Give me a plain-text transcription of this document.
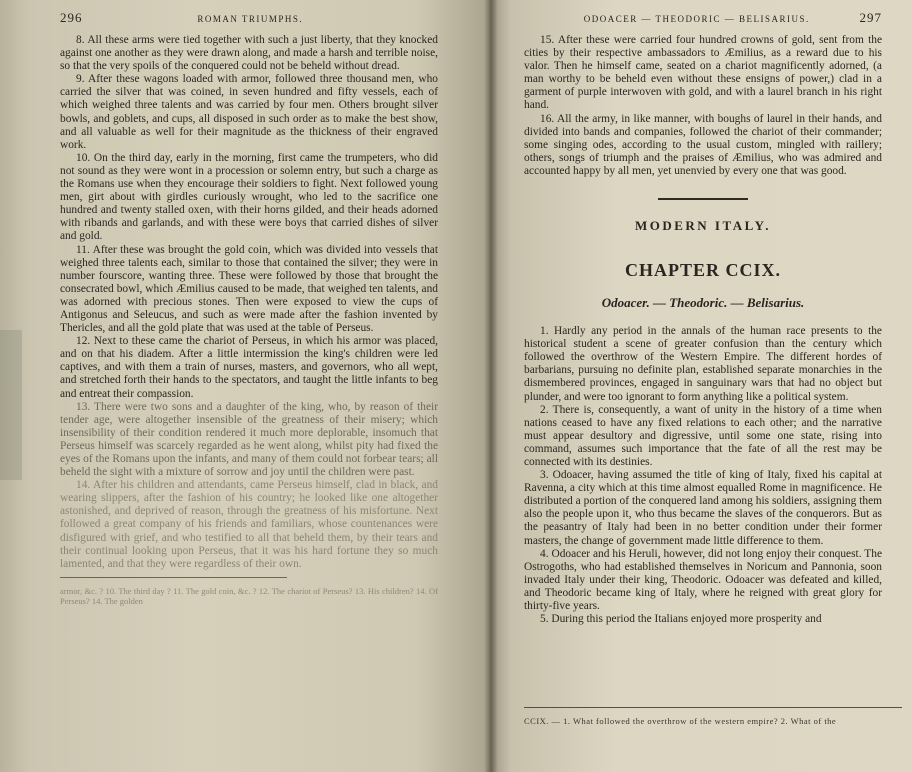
296	ROMAN TRIUMPHS.

8. All these arms were tied together with such a just liberty, that they knocked against one another as they were drawn along, and made a harsh and terrible noise, so that the very spoils of the conquered could not be beheld without dread.

9. After these wagons loaded with armor, followed three thousand men, who carried the silver that was coined, in seven hundred and fifty vessels, each of which weighed three talents and was carried by four men. Others brought silver bowls, and goblets, and cups, all disposed in such order as to make the best show, and all valuable as well for their magnitude as the thickness of their engraved work.

10. On the third day, early in the morning, first came the trumpeters, who did not sound as they were wont in a procession or solemn entry, but such a charge as the Romans use when they encourage their soldiers to fight. Next followed young men, girt about with girdles curiously wrought, who led to the sacrifice one hundred and twenty stalled oxen, with their horns gilded, and their heads adorned with ribands and garlands, and with these were boys that carried dishes of silver and gold.

11. After these was brought the gold coin, which was divided into vessels that weighed three talents each, similar to those that contained the silver; they were in number fourscore, wanting three. These were followed by those that brought the consecrated bowl, which Æmilius caused to be made, that weighed ten talents, and was adorned with precious stones. Then were exposed to view the cups of Antigonus and Seleucus, and such as were made after the fashion invented by Thericles, and all the gold plate that was used at the table of Perseus.

12. Next to these came the chariot of Perseus, in which his armor was placed, and on that his diadem. After a little intermission the king's children were led captives, and with them a train of nurses, masters, and governors, who all wept, and stretched forth their hands to the spectators, and taught the little infants to beg and entreat their compassion.

13. There were two sons and a daughter of the king, who, by reason of their tender age, were altogether insensible of the greatness of their misery; which insensibility of their condition rendered it much more deplorable, insomuch that Perseus himself was scarcely regarded as he went along, whilst pity had fixed the eyes of the Romans upon the infants, and many of them could not forbear tears; all beheld the sight with a mixture of sorrow and joy until the children were past.

14. After his children and attendants, came Perseus himself, clad in black, and wearing slippers, after the fashion of his country; he looked like one altogether astonished, and deprived of reason, through the greatness of his misfortune. Next followed a great company of his friends and familiars, whose countenances were disfigured with grief, and who testified to all that beheld them, by their tears and their continual looking upon Perseus, that it was his hard fortune they so much lamented, and that they were regardless of their own.

armor, &c. ? 10. The third day ? 11. The gold coin, &c. ? 12. The chariot of Perseus? 13. His children? 14. Of Perseus? 14. The golden

ODOACER — THEODORIC — BELISARIUS.	297

15. After these were carried four hundred crowns of gold, sent from the cities by their respective ambassadors to Æmilius, as a reward due to his valor. Then he himself came, seated on a chariot magnificently adorned, (a man worthy to be beheld even without these ensigns of power,) clad in a garment of purple interwoven with gold, and with a laurel branch in his right hand.

16. All the army, in like manner, with boughs of laurel in their hands, and divided into bands and companies, followed the chariot of their commander; some singing odes, according to the usual custom, mingled with raillery; others, songs of triumph and the praises of Æmilius, who was admired and accounted happy by all men, yet unenvied by every one that was good.

MODERN ITALY.
CHAPTER CCIX.
Odoacer. — Theodoric. — Belisarius.

1. Hardly any period in the annals of the human race presents to the historical student a scene of greater confusion than the century which followed the overthrow of the Western Empire. The different hordes of barbarians, pursuing no definite plan, established separate monarchies in the dismembered provinces, engaged in sanguinary wars that had no object but plunder, and were too ignorant to form anything like a political system.

2. There is, consequently, a want of unity in the history of a time when nations ceased to have any fixed relations to each other; and the narrative must appear desultory and digressive, until some one state, rising into command, assumes such importance that the fate of all the rest may be connected with its destinies.

3. Odoacer, having assumed the title of king of Italy, fixed his capital at Ravenna, a city which at this time almost equalled Rome in magnificence. He distributed a portion of the conquered land among his soldiers, assigning them also the people upon it, who thus became the slaves of the conquerors. But as the peasantry of Italy had been in no better condition under their former masters, the change of government made little difference to them.

4. Odoacer and his Heruli, however, did not long enjoy their conquest. The Ostrogoths, who had established themselves in Noricum and Pannonia, soon invaded Italy under their king, Theodoric. Odoacer was defeated and killed, and Theodoric became king of Italy, where he reigned with great glory for thirty-five years.

5. During this period the Italians enjoyed more prosperity and

CCIX. — 1. What followed the overthrow of the western empire? 2. What of the
